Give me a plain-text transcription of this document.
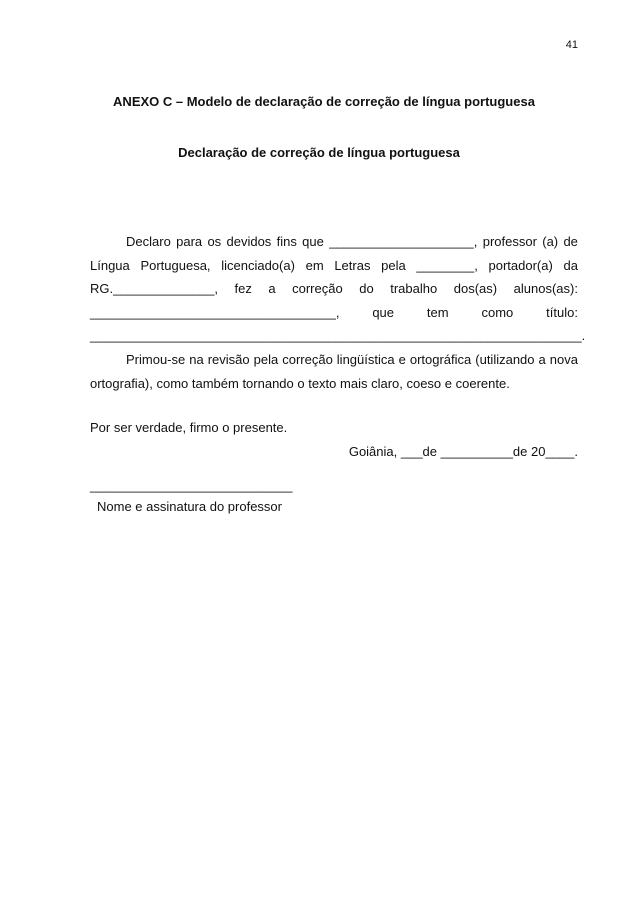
41
ANEXO C – Modelo de declaração de correção de língua portuguesa
Declaração de correção de língua portuguesa
Declaro para os devidos fins que ____________________, professor (a) de
Língua Portuguesa, licenciado(a) em Letras pela ________, portador(a) da
RG.______________, fez a correção do trabalho dos(as) alunos(as):
__________________________________,	que	tem	como	título:
____________________________________________________________________.
Primou-se na revisão pela correção lingüística e ortográfica (utilizando a nova
ortografia), como também tornando o texto mais claro, coeso e coerente.
Por ser verdade, firmo o presente.
Goiânia, ___de __________de 20____.
____________________________
Nome e assinatura do professor
